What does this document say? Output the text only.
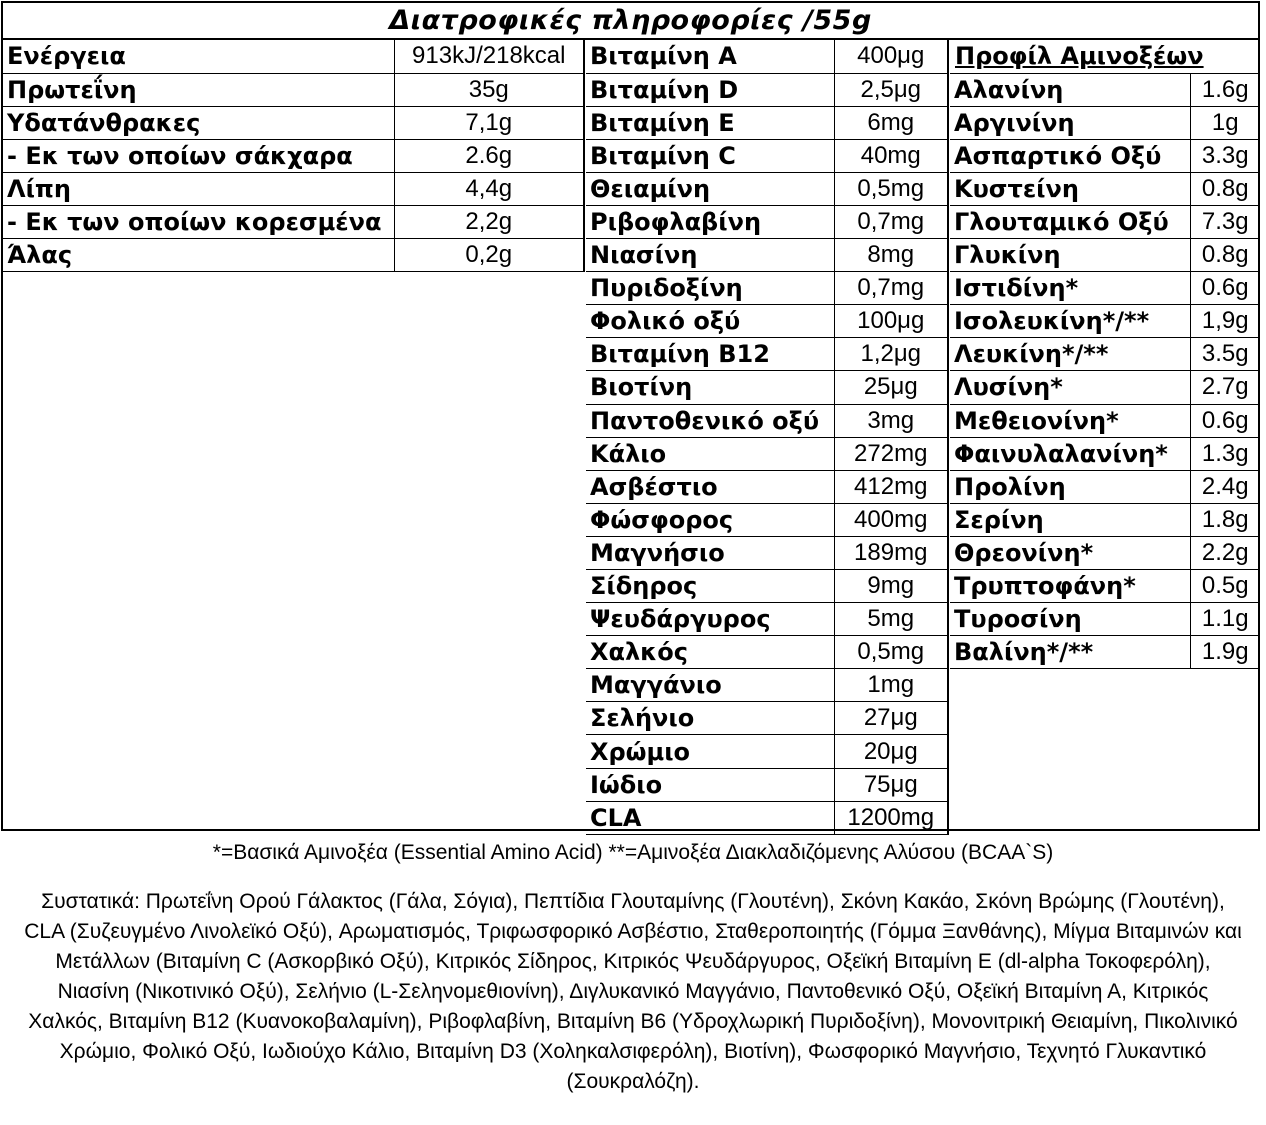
Διατροφικές πληροφορίες /55g
Ενέργεια	913kJ/218kcal
Πρωτεΐνη	35g
Υδατάνθρακες	7,1g
- Εκ των οποίων σάκχαρα	2.6g
Λίπη	4,4g
- Εκ των οποίων κορεσμένα	2,2g
Άλας	0,2g
Βιταμίνη Α	400μg
Βιταμίνη D	2,5μg
Βιταμίνη Ε	6mg
Βιταμίνη C	40mg
Θειαμίνη	0,5mg
Ριβοφλαβίνη	0,7mg
Νιασίνη	8mg
Πυριδοξίνη	0,7mg
Φολικό οξύ	100μg
Βιταμίνη Β12	1,2μg
Βιοτίνη	25μg
Παντοθενικό οξύ	3mg
Κάλιο	272mg
Ασβέστιο	412mg
Φώσφορος	400mg
Μαγνήσιο	189mg
Σίδηρος	9mg
Ψευδάργυρος	5mg
Χαλκός	0,5mg
Μαγγάνιο	1mg
Σελήνιο	27μg
Χρώμιο	20μg
Ιώδιο	75μg
CLA	1200mg
Προφίλ Αμινοξέων	
Αλανίνη	1.6g
Αργινίνη	1g
Ασπαρτικό Οξύ	3.3g
Κυστείνη	0.8g
Γλουταμικό Οξύ	7.3g
Γλυκίνη	0.8g
Ιστιδίνη*	0.6g
Ισολευκίνη*/**	1,9g
Λευκίνη*/**	3.5g
Λυσίνη*	2.7g
Μεθειονίνη*	0.6g
Φαινυλαλανίνη*	1.3g
Προλίνη	2.4g
Σερίνη	1.8g
Θρεονίνη*	2.2g
Τρυπτοφάνη*	0.5g
Τυροσίνη	1.1g
Βαλίνη*/**	1.9g
*=Βασικά Αμινοξέα (Essential Amino Acid) **=Αμινοξέα Διακλαδιζόμενης Αλύσου (BCAA`S)
Συστατικά: Πρωτεΐνη Ορού Γάλακτος (Γάλα, Σόγια), Πεπτίδια Γλουταμίνης (Γλουτένη), Σκόνη Κακάο, Σκόνη Βρώμης (Γλουτένη), CLA (Συζευγμένο Λινολεϊκό Οξύ), Αρωματισμός, Τριφωσφορικό Ασβέστιο, Σταθεροποιητής (Γόμμα Ξανθάνης), Μίγμα Βιταμινών και Μετάλλων (Βιταμίνη C (Ασκορβικό Οξύ), Κιτρικός Σίδηρος, Κιτρικός Ψευδάργυρος, Οξεϊκή Βιταμίνη Ε (dl-alpha Τοκοφερόλη), Νιασίνη (Νικοτινικό Οξύ), Σελήνιο (L-Σεληνομεθιονίνη), Διγλυκανικό Μαγγάνιο, Παντοθενικό Οξύ, Οξεϊκή Βιταμίνη Α, Κιτρικός Χαλκός, Βιταμίνη Β12 (Κυανοκοβαλαμίνη), Ριβοφλαβίνη, Βιταμίνη Β6 (Υδροχλωρική Πυριδοξίνη), Μονονιτρική Θειαμίνη, Πικολινικό Χρώμιο, Φολικό Οξύ, Ιωδιούχο Κάλιο, Βιταμίνη D3 (Χοληκαλσιφερόλη), Βιοτίνη), Φωσφορικό Μαγνήσιο, Τεχνητό Γλυκαντικό (Σουκραλόζη).
